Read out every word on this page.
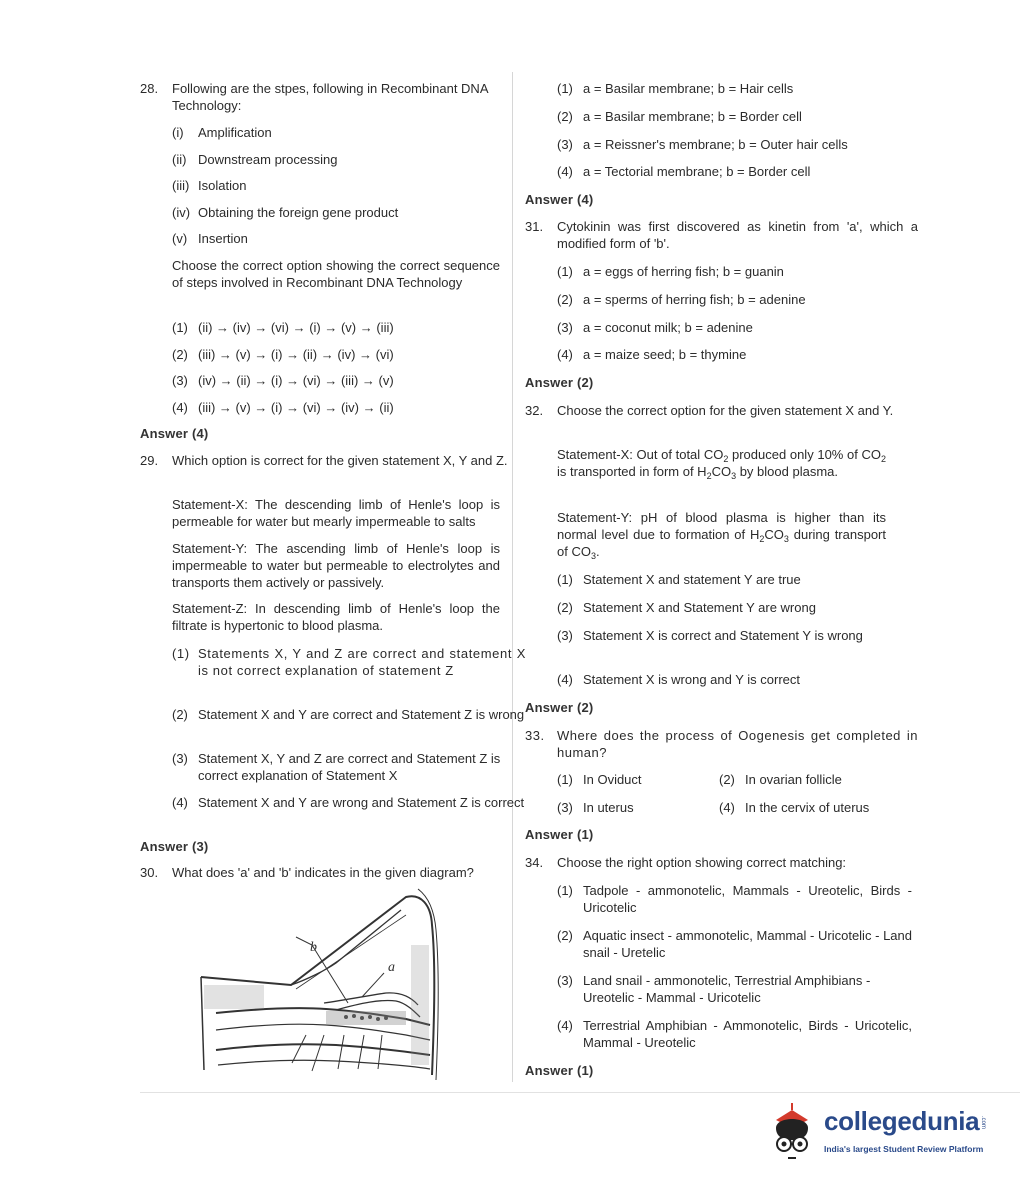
28. Following are the stpes, following in Recombinant DNA Technology:
(i) Amplification
(ii) Downstream processing
(iii) Isolation
(iv) Obtaining the foreign gene product
(v) Insertion
Choose the correct option showing the correct sequence of steps involved in Recombinant DNA Technology
(1) (ii) → (iv) → (vi) → (i) → (v) → (iii)
(2) (iii) → (v) → (i) → (ii) → (iv) → (vi)
(3) (iv) → (ii) → (i) → (vi) → (iii) → (v)
(4) (iii) → (v) → (i) → (vi) → (iv) → (ii)
Answer (4)
29. Which option is correct for the given statement X, Y and Z.
Statement-X: The descending limb of Henle's loop is permeable for water but mearly impermeable to salts
Statement-Y: The ascending limb of Henle's loop is impermeable to water but permeable to electrolytes and transports them actively or passively.
Statement-Z: In descending limb of Henle's loop the filtrate is hypertonic to blood plasma.
(1) Statements X, Y and Z are correct and statement X is not correct explanation of statement Z
(2) Statement X and Y are correct and Statement Z is wrong
(3) Statement X, Y and Z are correct and Statement Z is correct explanation of Statement X
(4) Statement X and Y are wrong and Statement Z is correct
Answer (3)
30. What does 'a' and 'b' indicates in the given diagram?
b
a
(1) a = Basilar membrane; b = Hair cells
(2) a = Basilar membrane; b = Border cell
(3) a = Reissner's membrane; b = Outer hair cells
(4) a = Tectorial membrane; b = Border cell
Answer (4)
31. Cytokinin was first discovered as kinetin from 'a', which a modified form of 'b'.
(1) a = eggs of herring fish; b = guanin
(2) a = sperms of herring fish; b = adenine
(3) a = coconut milk; b = adenine
(4) a = maize seed; b = thymine
Answer (2)
32. Choose the correct option for the given statement X and Y.
Statement-X: Out of total $CO_2$ produced only 10% of $CO_2$ is transported in form of $H_2CO_3$ by blood plasma.
Statement-Y: pH of blood plasma is higher than its normal level due to formation of $H_2CO_3$ during transport of $CO_3$.
(1) Statement X and statement Y are true
(2) Statement X and Statement Y are wrong
(3) Statement X is correct and Statement Y is wrong
(4) Statement X is wrong and Y is correct
Answer (2)
33. Where does the process of Oogenesis get completed in human?
(1) In Oviduct	(2) In ovarian follicle
(3) In uterus	(4) In the cervix of uterus
Answer (1)
34. Choose the right option showing correct matching:
(1) Tadpole - ammonotelic, Mammals - Ureotelic, Birds - Uricotelic
(2) Aquatic insect - ammonotelic, Mammal - Uricotelic - Land snail - Uretelic
(3) Land snail - ammonotelic, Terrestrial Amphibians - Ureotelic - Mammal - Uricotelic
(4) Terrestrial Amphibian - Ammonotelic, Birds - Uricotelic, Mammal - Ureotelic
Answer (1)
collegedunia .com
India's largest Student Review Platform
